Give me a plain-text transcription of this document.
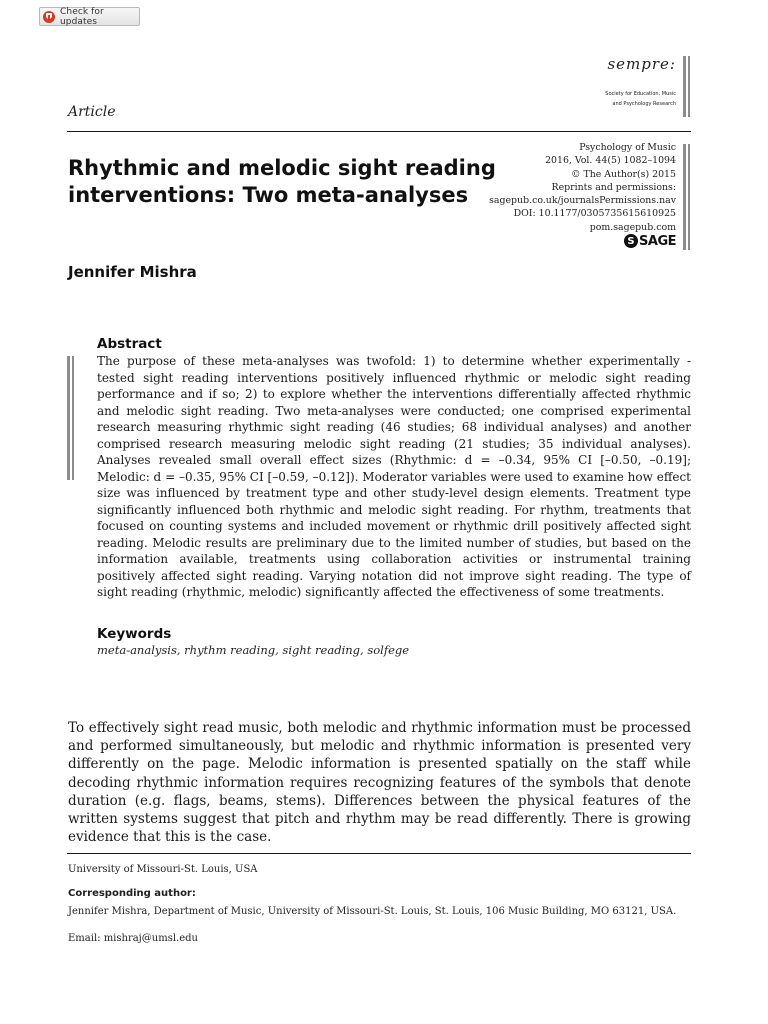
Check for updates
sempre:
Society for Education, Music
and Psychology Research
Article
Rhythmic and melodic sight reading interventions: Two meta-analyses
Psychology of Music
2016, Vol. 44(5) 1082–1094
© The Author(s) 2015
Reprints and permissions:
sagepub.co.uk/journalsPermissions.nav
DOI: 10.1177/0305735615610925
pom.sagepub.com
S SAGE
Jennifer Mishra
Abstract
The purpose of these meta-analyses was twofold: 1) to determine whether experimentally - tested sight reading interventions positively influenced rhythmic or melodic sight reading performance and if so; 2) to explore whether the interventions differentially affected rhythmic and melodic sight reading. Two meta-analyses were conducted; one comprised experimental research measuring rhythmic sight reading (46 studies; 68 individual analyses) and another comprised research measuring melodic sight reading (21 studies; 35 individual analyses). Analyses revealed small overall effect sizes (Rhythmic: d = –0.34, 95% CI [–0.50, –0.19]; Melodic: d = –0.35, 95% CI [–0.59, –0.12]). Moderator variables were used to examine how effect size was influenced by treatment type and other study-level design elements. Treatment type significantly influenced both rhythmic and melodic sight reading. For rhythm, treatments that focused on counting systems and included movement or rhythmic drill positively affected sight reading. Melodic results are preliminary due to the limited number of studies, but based on the information available, treatments using collaboration activities or instrumental training positively affected sight reading. Varying notation did not improve sight reading. The type of sight reading (rhythmic, melodic) significantly affected the effectiveness of some treatments.
Keywords
meta-analysis, rhythm reading, sight reading, solfege
To effectively sight read music, both melodic and rhythmic information must be processed and performed simultaneously, but melodic and rhythmic information is presented very differently on the page. Melodic information is presented spatially on the staff while decoding rhythmic information requires recognizing features of the symbols that denote duration (e.g. flags, beams, stems). Differences between the physical features of the written systems suggest that pitch and rhythm may be read differently. There is growing evidence that this is the case.
University of Missouri-St. Louis, USA
Corresponding author:
Jennifer Mishra, Department of Music, University of Missouri-St. Louis, St. Louis, 106 Music Building, MO 63121, USA.
Email: mishraj@umsl.edu
